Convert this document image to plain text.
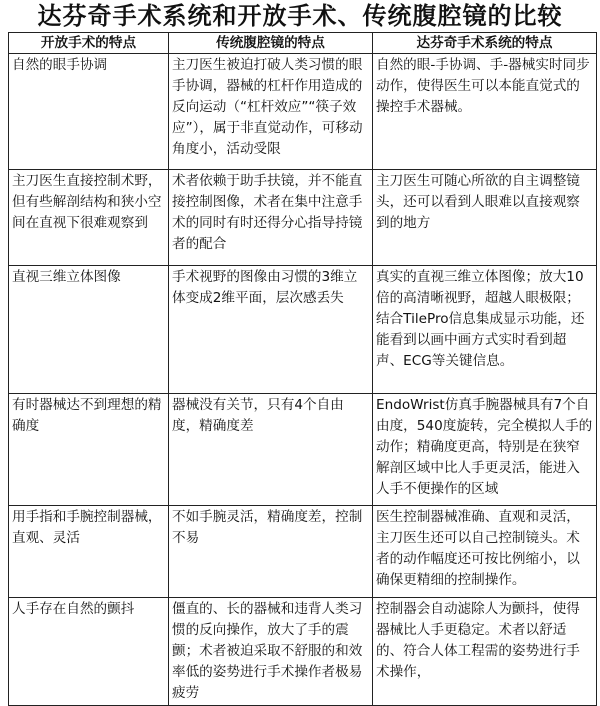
达芬奇手术系统和开放手术、传统腹腔镜的比较
开放手术的特点	传统腹腔镜的特点	达芬奇手术系统的特点
自然的眼手协调	主刀医生被迫打破人类习惯的眼手协调，器械的杠杆作用造成的反向运动（“杠杆效应”“筷子效应”），属于非直觉动作，可移动角度小，活动受限	自然的眼-手协调、手-器械实时同步动作，使得医生可以本能直觉式的操控手术器械。

主刀医生直接控制术野，但有些解剖结构和狭小空间在直视下很难观察到	术者依赖于助手扶镜，并不能直接控制图像，术者在集中注意手术的同时有时还得分心指导持镜者的配合	主刀医生可随心所欲的自主调整镜头，还可以看到人眼难以直接观察到的地方

直视三维立体图像	手术视野的图像由习惯的3维立体变成2维平面，层次感丢失	真实的直视三维立体图像；放大10倍的高清晰视野，超越人眼极限；
结合TilePro信息集成显示功能，还能看到以画中画方式实时看到超声、ECG等关键信息。

有时器械达不到理想的精确度	器械没有关节，只有4个自由度，精确度差	EndoWrist仿真手腕器械具有7个自由度，540度旋转，完全模拟人手的动作；精确度更高，特别是在狭窄解剖区域中比人手更灵活，能进入人手不便操作的区域

用手指和手腕控制器械，直观、灵活	不如手腕灵活，精确度差，控制不易	医生控制器械准确、直观和灵活，主刀医生还可以自己控制镜头。术者的动作幅度还可按比例缩小，以确保更精细的控制操作。

人手存在自然的颤抖	僵直的、长的器械和违背人类习惯的反向操作，放大了手的震颤；术者被迫采取不舒服的和效率低的姿势进行手术操作者极易疲劳	控制器会自动滤除人为颤抖，使得器械比人手更稳定。术者以舒适的、符合人体工程需的姿势进行手术操作，
